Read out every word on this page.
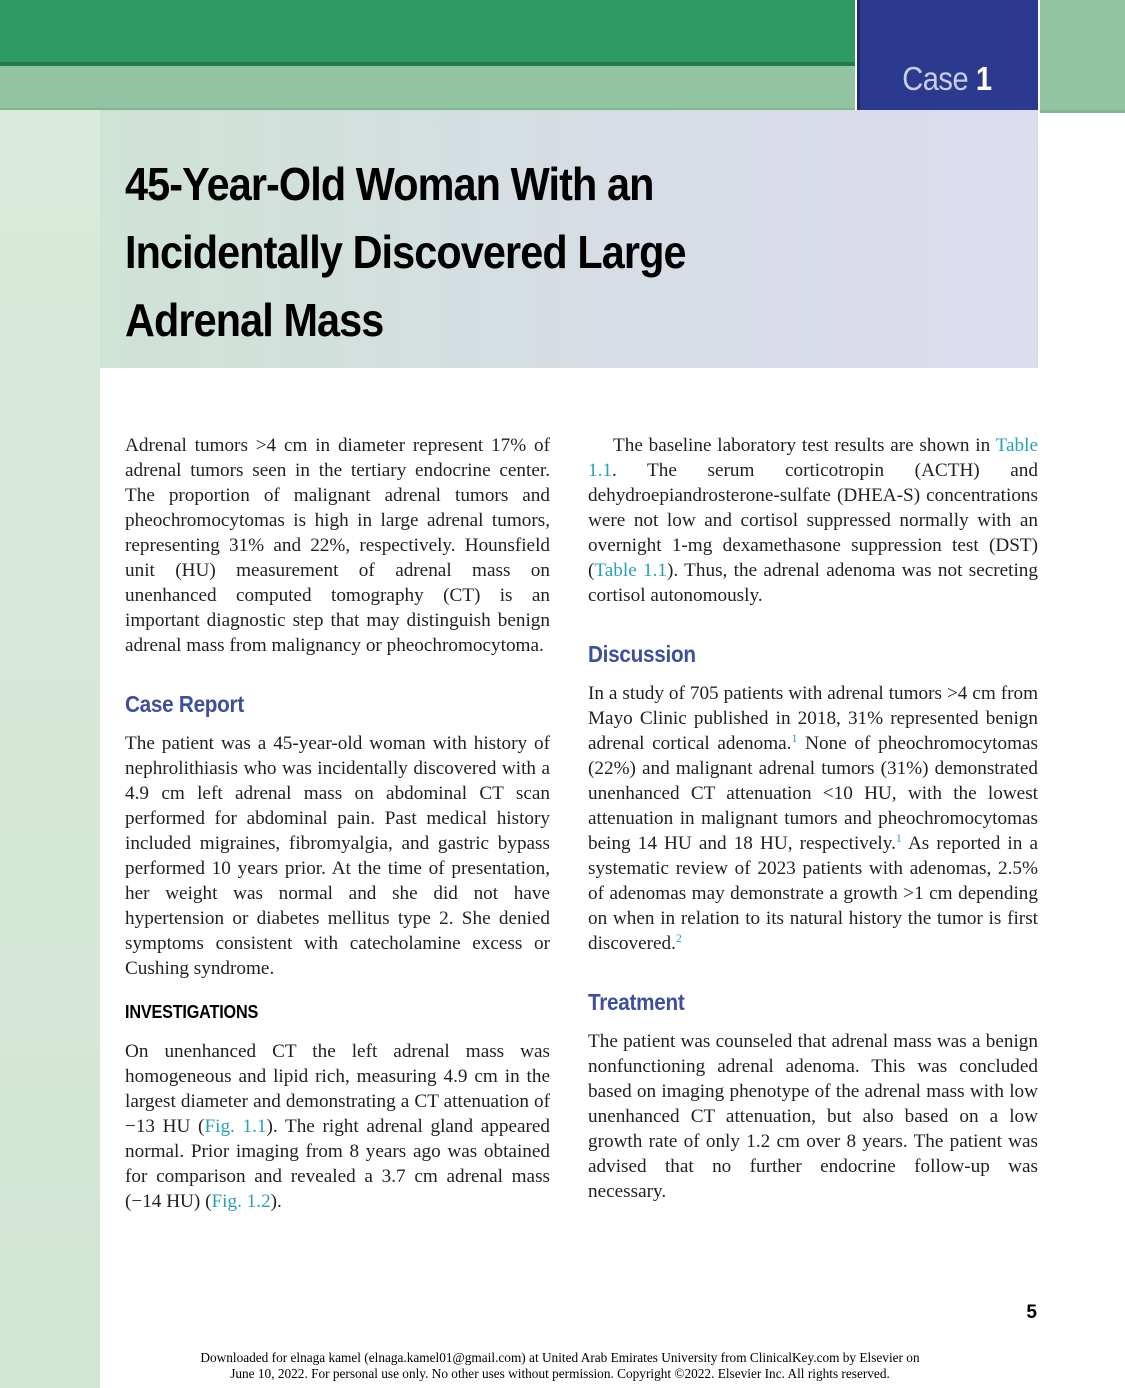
Case 1
45-Year-Old Woman With an
Incidentally Discovered Large
Adrenal Mass

Adrenal tumors >4 cm in diameter represent 17% of adrenal tumors seen in the tertiary endocrine center. The proportion of malignant adrenal tumors and pheochromocytomas is high in large adrenal tumors, representing 31% and 22%, respectively. Hounsfield unit (HU) measurement of adrenal mass on unenhanced computed tomography (CT) is an important diagnostic step that may distinguish benign adrenal mass from malignancy or pheochromocytoma.

Case Report

The patient was a 45-year-old woman with history of nephrolithiasis who was incidentally discovered with a 4.9 cm left adrenal mass on abdominal CT scan performed for abdominal pain. Past medical history included migraines, fibromyalgia, and gastric bypass performed 10 years prior. At the time of presentation, her weight was normal and she did not have hypertension or diabetes mellitus type 2. She denied symptoms consistent with catecholamine excess or Cushing syndrome.

INVESTIGATIONS

On unenhanced CT the left adrenal mass was homogeneous and lipid rich, measuring 4.9 cm in the largest diameter and demonstrating a CT attenuation of −13 HU (Fig. 1.1). The right adrenal gland appeared normal. Prior imaging from 8 years ago was obtained for comparison and revealed a 3.7 cm adrenal mass (−14 HU) (Fig. 1.2).

The baseline laboratory test results are shown in Table 1.1. The serum corticotropin (ACTH) and dehydroepiandrosterone-sulfate (DHEA-S) concentrations were not low and cortisol suppressed normally with an overnight 1-mg dexamethasone suppression test (DST) (Table 1.1). Thus, the adrenal adenoma was not secreting cortisol autonomously.

Discussion

In a study of 705 patients with adrenal tumors >4 cm from Mayo Clinic published in 2018, 31% represented benign adrenal cortical adenoma.$^1$ None of pheochromocytomas (22%) and malignant adrenal tumors (31%) demonstrated unenhanced CT attenuation <10 HU, with the lowest attenuation in malignant tumors and pheochromocytomas being 14 HU and 18 HU, respectively.$^1$ As reported in a systematic review of 2023 patients with adenomas, 2.5% of adenomas may demonstrate a growth >1 cm depending on when in relation to its natural history the tumor is first discovered.$^2$

Treatment

The patient was counseled that adrenal mass was a benign nonfunctioning adrenal adenoma. This was concluded based on imaging phenotype of the adrenal mass with low unenhanced CT attenuation, but also based on a low growth rate of only 1.2 cm over 8 years. The patient was advised that no further endocrine follow-up was necessary.

5
Downloaded for elnaga kamel (elnaga.kamel01@gmail.com) at United Arab Emirates University from ClinicalKey.com by Elsevier on
June 10, 2022. For personal use only. No other uses without permission. Copyright ©2022. Elsevier Inc. All rights reserved.
